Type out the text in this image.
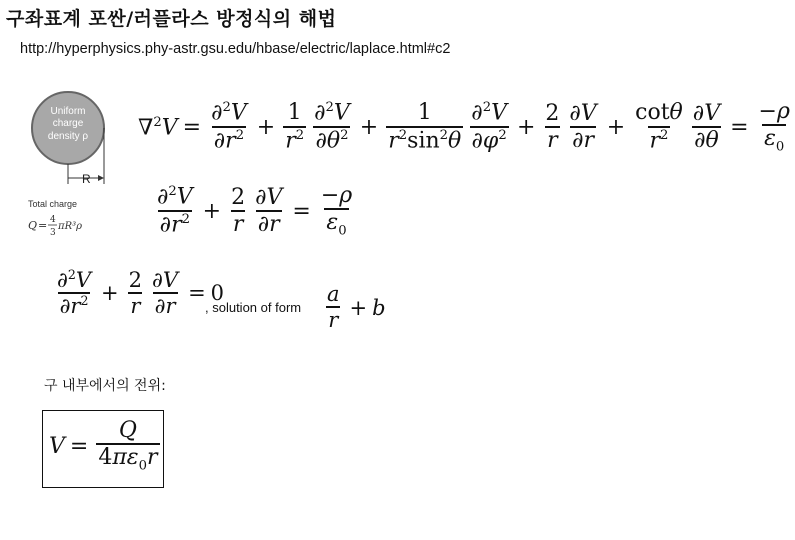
구좌표계 포싼/러플라스 방정식의 해법
http://hyperphysics.phy-astr.gsu.edu/hbase/electric/laplace.html#c2
Uniform
charge
density ρ
R
Total charge
Q = 4
3
πR³ρ
$\nabla^2V = \frac{\partial^2V}{\partial r^2} + \frac{1}{r^2} \frac{\partial^2V}{\partial\theta^2} + \frac{1}{r^2\sin^2\theta} \frac{\partial^2V}{\partial\varphi^2} + \frac{2}{r} \frac{\partial V}{\partial r} + \frac{\cot\theta}{r^2} \frac{\partial V}{\partial\theta} = \frac{-\rho}{\varepsilon_0}$
$\frac{\partial^2V}{\partial r^2} + \frac{2}{r} \frac{\partial V}{\partial r} = \frac{-\rho}{\varepsilon_0}$
$\frac{\partial^2V}{\partial r^2} + \frac{2}{r} \frac{\partial V}{\partial r} = 0$
, solution of form $\frac{a}{r} + b$
구 내부에서의 전위:
$V = \frac{Q}{4\pi\varepsilon_0r}$
